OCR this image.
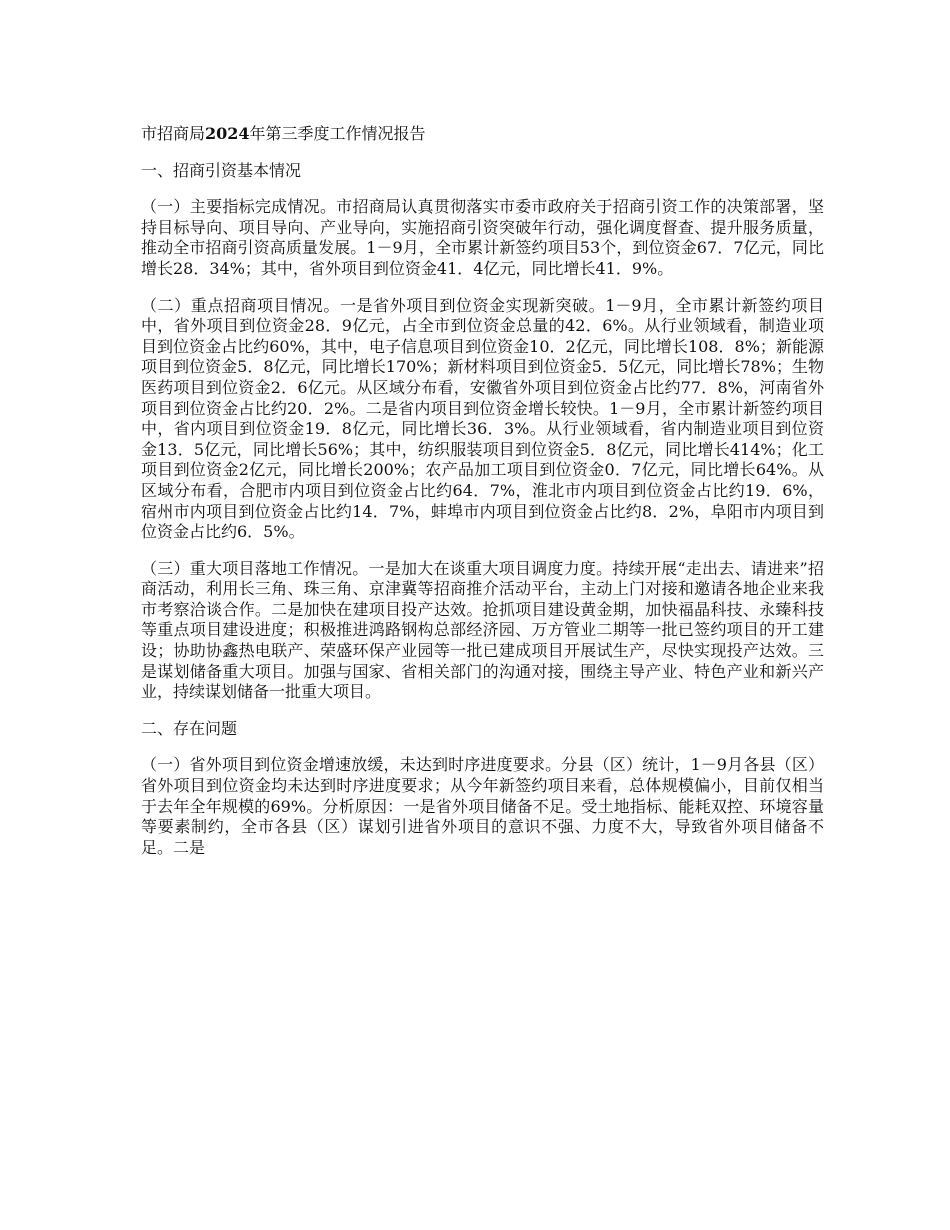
市招商局2024年第三季度工作情况报告
一、招商引资基本情况

（一）主要指标完成情况。市招商局认真贯彻落实市委市政府关于招商引资工作的决策部署，坚持目标导向、项目导向、产业导向，实施招商引资突破年行动，强化调度督查、提升服务质量，推动全市招商引资高质量发展。1－9月，全市累计新签约项目53个，到位资金67．7亿元，同比增长28．34%；其中，省外项目到位资金41．4亿元，同比增长41．9%。

（二）重点招商项目情况。一是省外项目到位资金实现新突破。1－9月，全市累计新签约项目中，省外项目到位资金28．9亿元，占全市到位资金总量的42．6%。从行业领域看，制造业项目到位资金占比约60%，其中，电子信息项目到位资金10．2亿元，同比增长108．8%；新能源项目到位资金5．8亿元，同比增长170%；新材料项目到位资金5．5亿元，同比增长78%；生物医药项目到位资金2．6亿元。从区域分布看，安徽省外项目到位资金占比约77．8%，河南省外项目到位资金占比约20．2%。二是省内项目到位资金增长较快。1－9月，全市累计新签约项目中，省内项目到位资金19．8亿元，同比增长36．3%。从行业领域看，省内制造业项目到位资金13．5亿元，同比增长56%；其中，纺织服装项目到位资金5．8亿元，同比增长414%；化工项目到位资金2亿元，同比增长200%；农产品加工项目到位资金0．7亿元，同比增长64%。从区域分布看，合肥市内项目到位资金占比约64．7%，淮北市内项目到位资金占比约19．6%，宿州市内项目到位资金占比约14．7%，蚌埠市内项目到位资金占比约8．2%，阜阳市内项目到位资金占比约6．5%。

（三）重大项目落地工作情况。一是加大在谈重大项目调度力度。持续开展“走出去、请进来”招商活动，利用长三角、珠三角、京津冀等招商推介活动平台，主动上门对接和邀请各地企业来我市考察洽谈合作。二是加快在建项目投产达效。抢抓项目建设黄金期，加快福晶科技、永臻科技等重点项目建设进度；积极推进鸿路钢构总部经济园、万方管业二期等一批已签约项目的开工建设；协助协鑫热电联产、荣盛环保产业园等一批已建成项目开展试生产，尽快实现投产达效。三是谋划储备重大项目。加强与国家、省相关部门的沟通对接，围绕主导产业、特色产业和新兴产业，持续谋划储备一批重大项目。

二、存在问题

（一）省外项目到位资金增速放缓，未达到时序进度要求。分县（区）统计，1－9月各县（区）省外项目到位资金均未达到时序进度要求；从今年新签约项目来看，总体规模偏小，目前仅相当于去年全年规模的69%。分析原因：一是省外项目储备不足。受土地指标、能耗双控、环境容量等要素制约，全市各县（区）谋划引进省外项目的意识不强、力度不大，导致省外项目储备不足。二是
